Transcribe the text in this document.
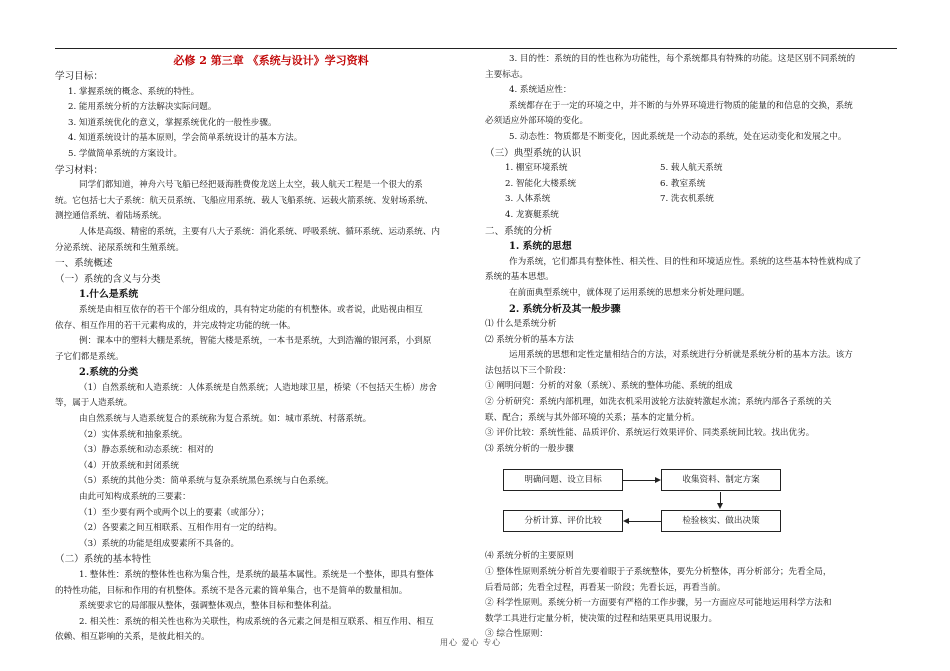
必修 2 第三章 《系统与设计》学习资料

学习目标：

1. 掌握系统的概念、系统的特性。

2. 能用系统分析的方法解决实际问题。

3. 知道系统优化的意义，掌握系统优化的一般性步骤。

4. 知道系统设计的基本原则，学会简单系统设计的基本方法。

5. 学做简单系统的方案设计。

学习材料：

同学们都知道，神舟六号飞船已经把聂海胜费俊龙送上太空，载人航天工程是一个很大的系

统。它包括七大子系统：航天员系统、飞船应用系统、载人飞船系统、运载火箭系统、发射场系统、

测控通信系统、着陆场系统。

人体是高级、精密的系统，主要有八大子系统：消化系统、呼吸系统、循环系统、运动系统、内

分泌系统、泌尿系统和生殖系统。

一、系统概述

（一）系统的含义与分类

1.什么是系统

系统是由相互依存的若干个部分组成的，具有特定功能的有机整体。或者说，此贴视由相互

依存、相互作用的若干元素构成的，并完成特定功能的统一体。

例：课本中的塑料大棚是系统，智能大楼是系统，一本书是系统，大到浩瀚的银河系，小到原

子它们都是系统。

2.系统的分类

（1）自然系统和人造系统：人体系统是自然系统；人造地球卫星，桥梁（不包括天生桥）房舍

等，属于人造系统。

由自然系统与人造系统复合的系统称为复合系统。如：城市系统、村落系统。

（2）实体系统和抽象系统。

（3）静态系统和动态系统：相对的

（4）开放系统和封闭系统

（5）系统的其他分类：简单系统与复杂系统黑色系统与白色系统。

由此可知构成系统的三要素：

（1）至少要有两个或两个以上的要素（或部分）；

（2）各要素之间互相联系、互相作用有一定的结构。

（3）系统的功能是组成要素所不具备的。

（二）系统的基本特性

1. 整体性：系统的整体性也称为集合性，是系统的最基本属性。系统是一个整体，即具有整体

的特性功能，目标和作用的有机整体。系统不是各元素的简单集合，也不是简单的数量相加。

系统要求它的局部服从整体，强调整体观点，整体目标和整体利益。

2. 相关性：系统的相关性也称为关联性，构成系统的各元素之间是相互联系、相互作用、相互

依赖、相互影响的关系，是彼此相关的。

3. 目的性：系统的目的性也称为功能性，每个系统都具有特殊的功能。这是区别不同系统的

主要标志。

4. 系统适应性：

系统都存在于一定的环境之中，并不断的与外界环境进行物质的能量的和信息的交换，系统

必须适应外部环境的变化。

5. 动态性：物质都是不断变化，因此系统是一个动态的系统，处在运动变化和发展之中。

（三）典型系统的认识

1. 棚室环境系统	5. 载人航天系统

2. 智能化大楼系统	6. 教室系统

3. 人体系统	7. 洗衣机系统

4. 龙赛艇系统

二、系统的分析

1. 系统的思想

作为系统，它们都具有整体性、相关性、目的性和环境适应性。系统的这些基本特性就构成了

系统的基本思想。

在前面典型系统中，就体现了运用系统的思想来分析处理问题。

2. 系统分析及其一般步骤

⑴ 什么是系统分析

⑵ 系统分析的基本方法

运用系统的思想和定性定量相结合的方法，对系统进行分析就是系统分析的基本方法。该方

法包括以下三个阶段：

① 阐明问题：分析的对象（系统）、系统的整体功能、系统的组成

② 分析研究：系统内部机理，如洗衣机采用波轮方法旋转激起水流；系统内部各子系统的关

联、配合；系统与其外部环境的关系；基本的定量分析。

③ 评价比较：系统性能、品质评价、系统运行效果评价、同类系统间比较。找出优劣。

⑶ 系统分析的一般步骤

明确问题、设立目标	收集资料、制定方案
分析计算、评价比较	检验核实、做出决策

⑷ 系统分析的主要原则

① 整体性原则系统分析首先要着眼于子系统整体，要先分析整体，再分析部分；先看全局，

后看局部；先看全过程，再看某一阶段；先看长远，再看当前。

② 科学性原则。系统分析一方面要有严格的工作步骤，另一方面应尽可能地运用科学方法和

数学工具进行定量分析，使决策的过程和结果更具用说服力。

③ 综合性原则：

用心 爱心 专心
